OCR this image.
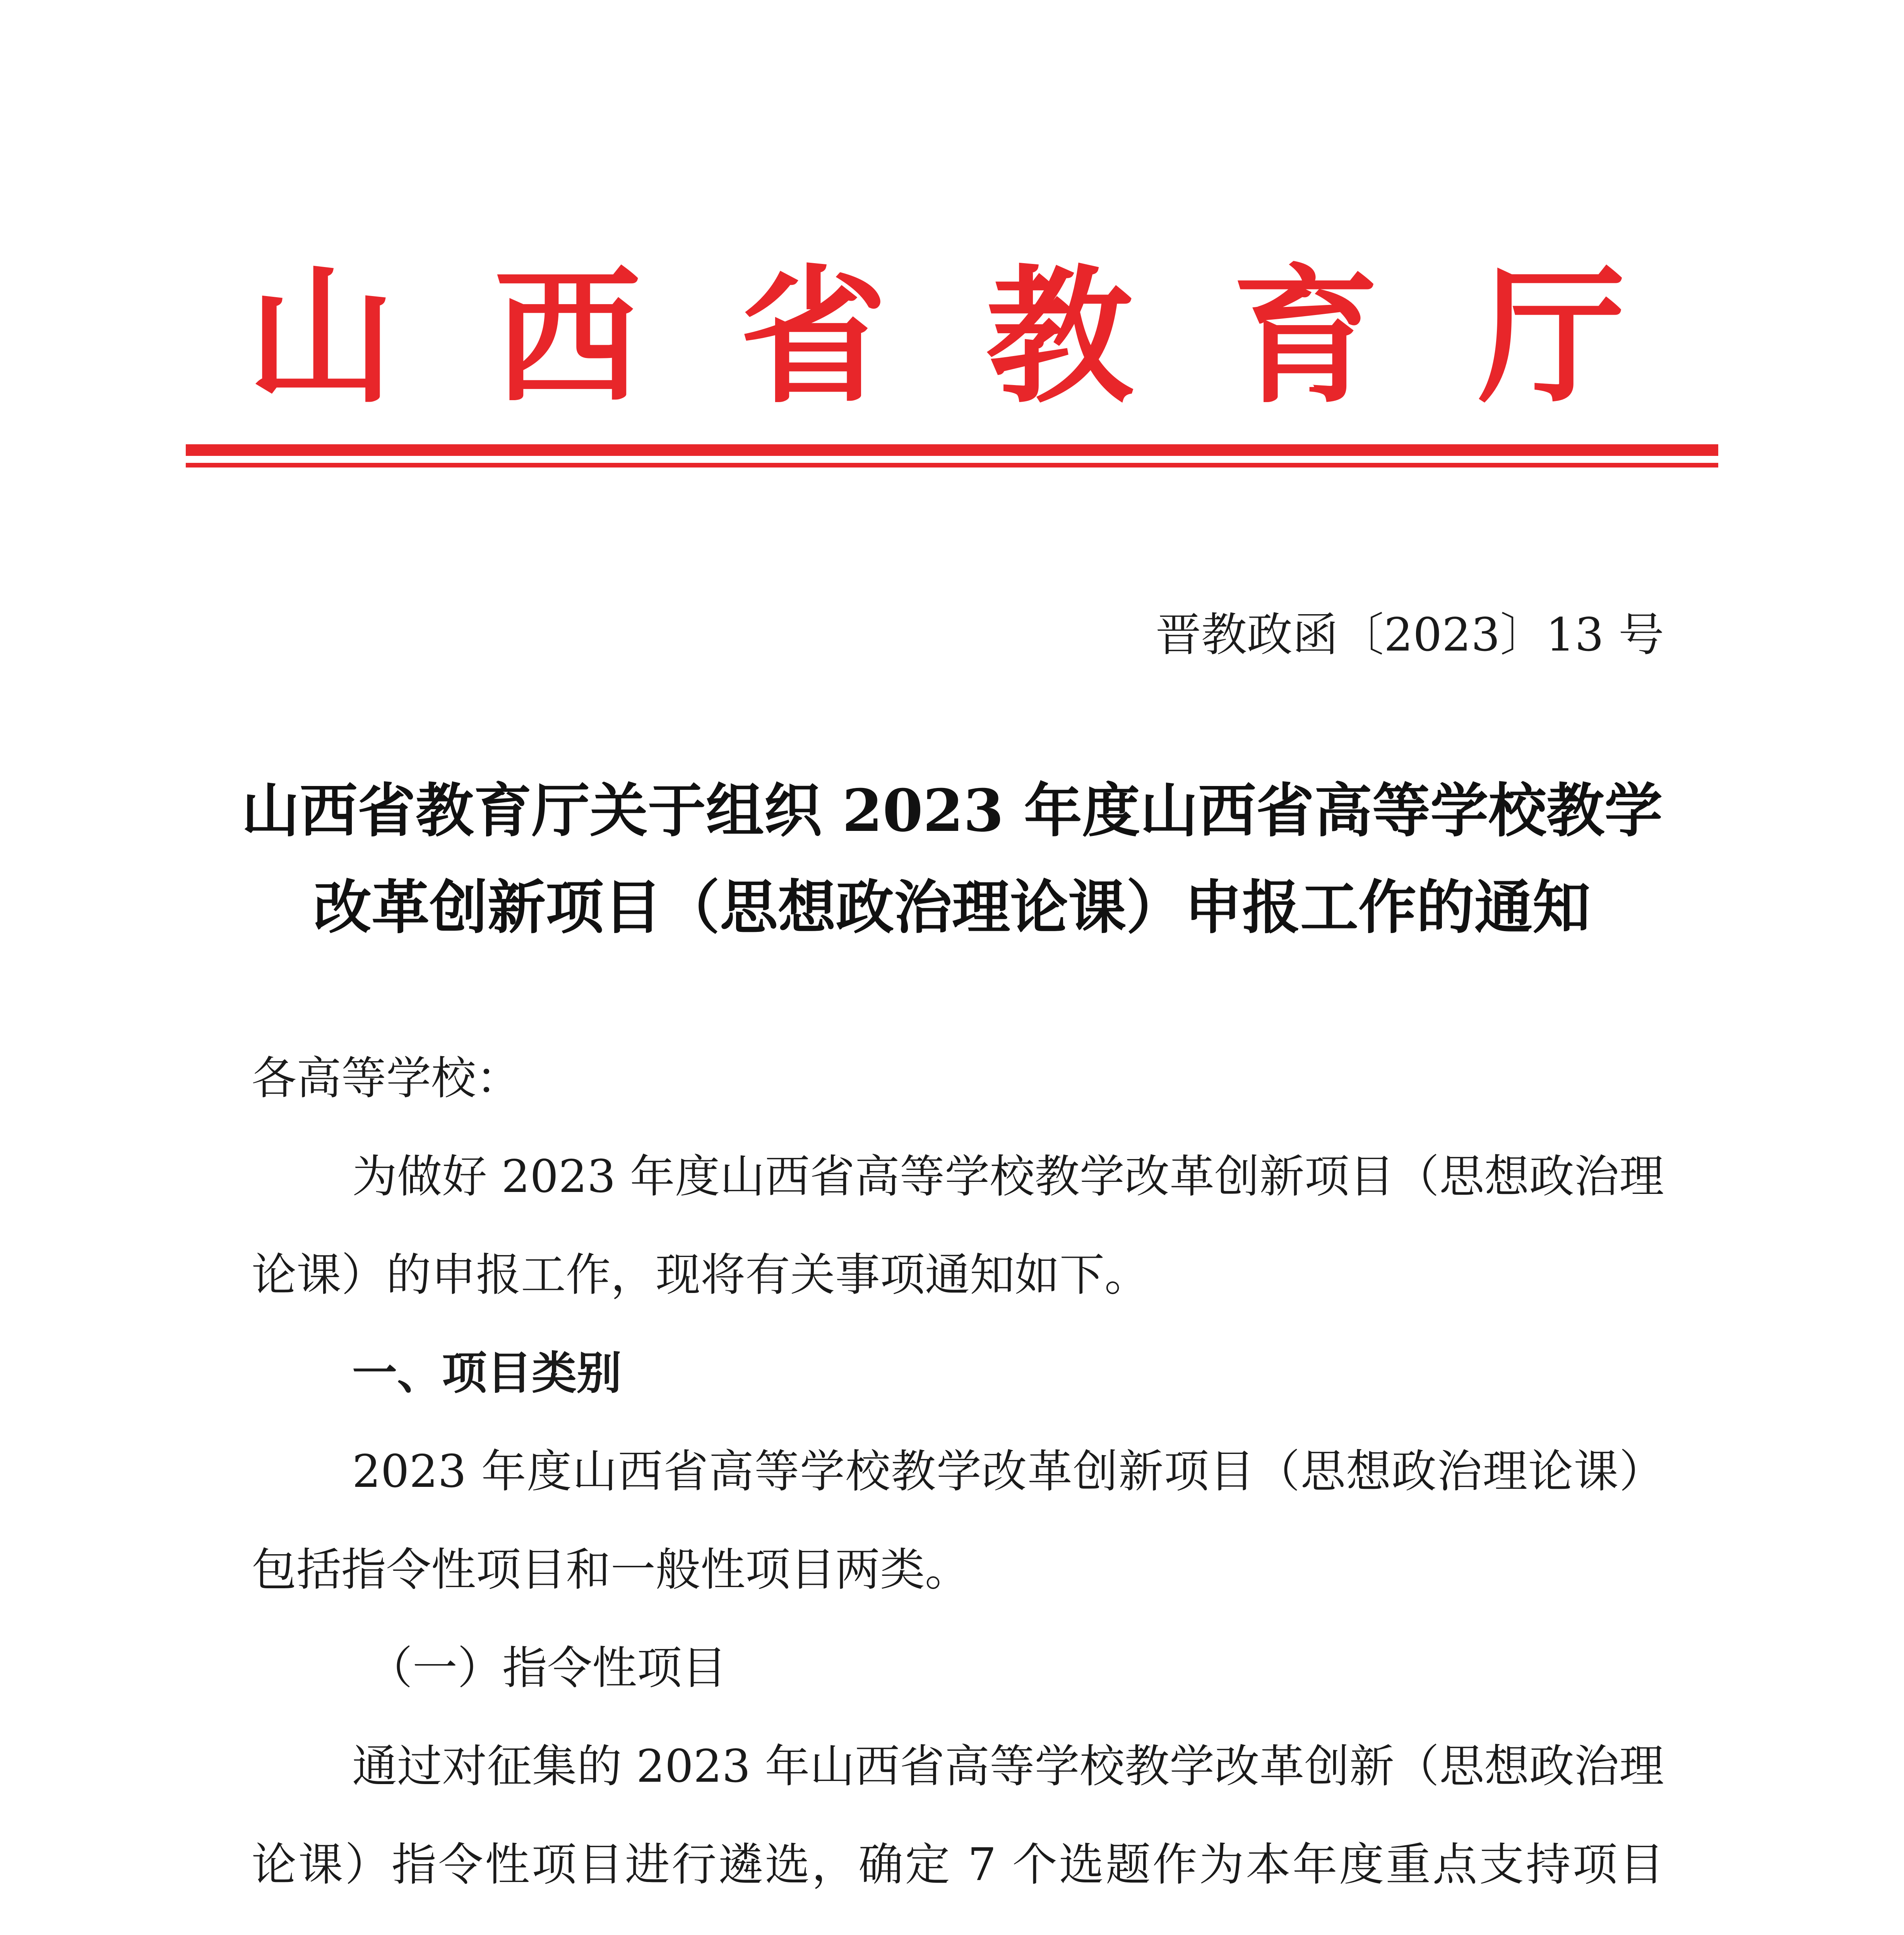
山 西 省 教 育 厅
晋教政函〔2023〕13 号
山西省教育厅关于组织 2023 年度山西省高等学校教学
改革创新项目（思想政治理论课）申报工作的通知

各高等学校：

为做好 2023 年度山西省高等学校教学改革创新项目（思想政治理论课）的申报工作，现将有关事项通知如下。

一、项目类别

2023 年度山西省高等学校教学改革创新项目（思想政治理论课）包括指令性项目和一般性项目两类。

（一）指令性项目

通过对征集的 2023 年山西省高等学校教学改革创新（思想政治理论课）指令性项目进行遴选，确定 7 个选题作为本年度重点支持项目
